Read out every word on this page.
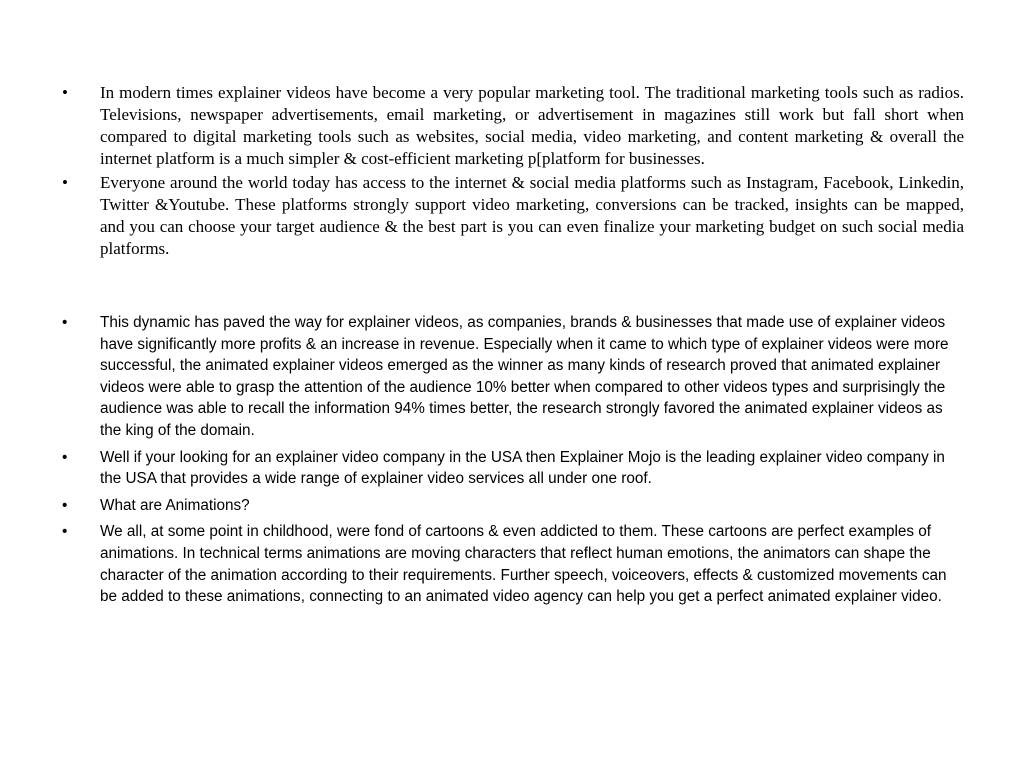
•	In modern times explainer videos have become a very popular marketing tool. The traditional marketing tools such as radios. Televisions, newspaper advertisements, email marketing, or advertisement in magazines still work but fall short when compared to digital marketing tools such as websites, social media, video marketing, and content marketing & overall the internet platform is a much simpler & cost-efficient marketing p[platform for businesses.
•	Everyone around the world today has access to the internet & social media platforms such as Instagram, Facebook, Linkedin, Twitter &Youtube. These platforms strongly support video marketing, conversions can be tracked, insights can be mapped, and you can choose your target audience & the best part is you can even finalize your marketing budget on such social media platforms.
•	This dynamic has paved the way for explainer videos, as companies, brands & businesses that made use of explainer videos have significantly more profits & an increase in revenue. Especially when it came to which type of explainer videos were more successful, the animated explainer videos emerged as the winner as many kinds of research proved that animated explainer videos were able to grasp the attention of the audience 10% better when compared to other videos types and surprisingly the audience was able to recall the information 94% times better, the research strongly favored the animated explainer videos as the king of the domain.
•	Well if your looking for an explainer video company in the USA then Explainer Mojo is the leading explainer video company in the USA that provides a wide range of explainer video services all under one roof.
•	What are Animations?
•	We all, at some point in childhood, were fond of cartoons & even addicted to them. These cartoons are perfect examples of animations. In technical terms animations are moving characters that reflect human emotions, the animators can shape the character of the animation according to their requirements. Further speech, voiceovers, effects & customized movements can be added to these animations, connecting to an animated video agency can help you get a perfect animated explainer video.
